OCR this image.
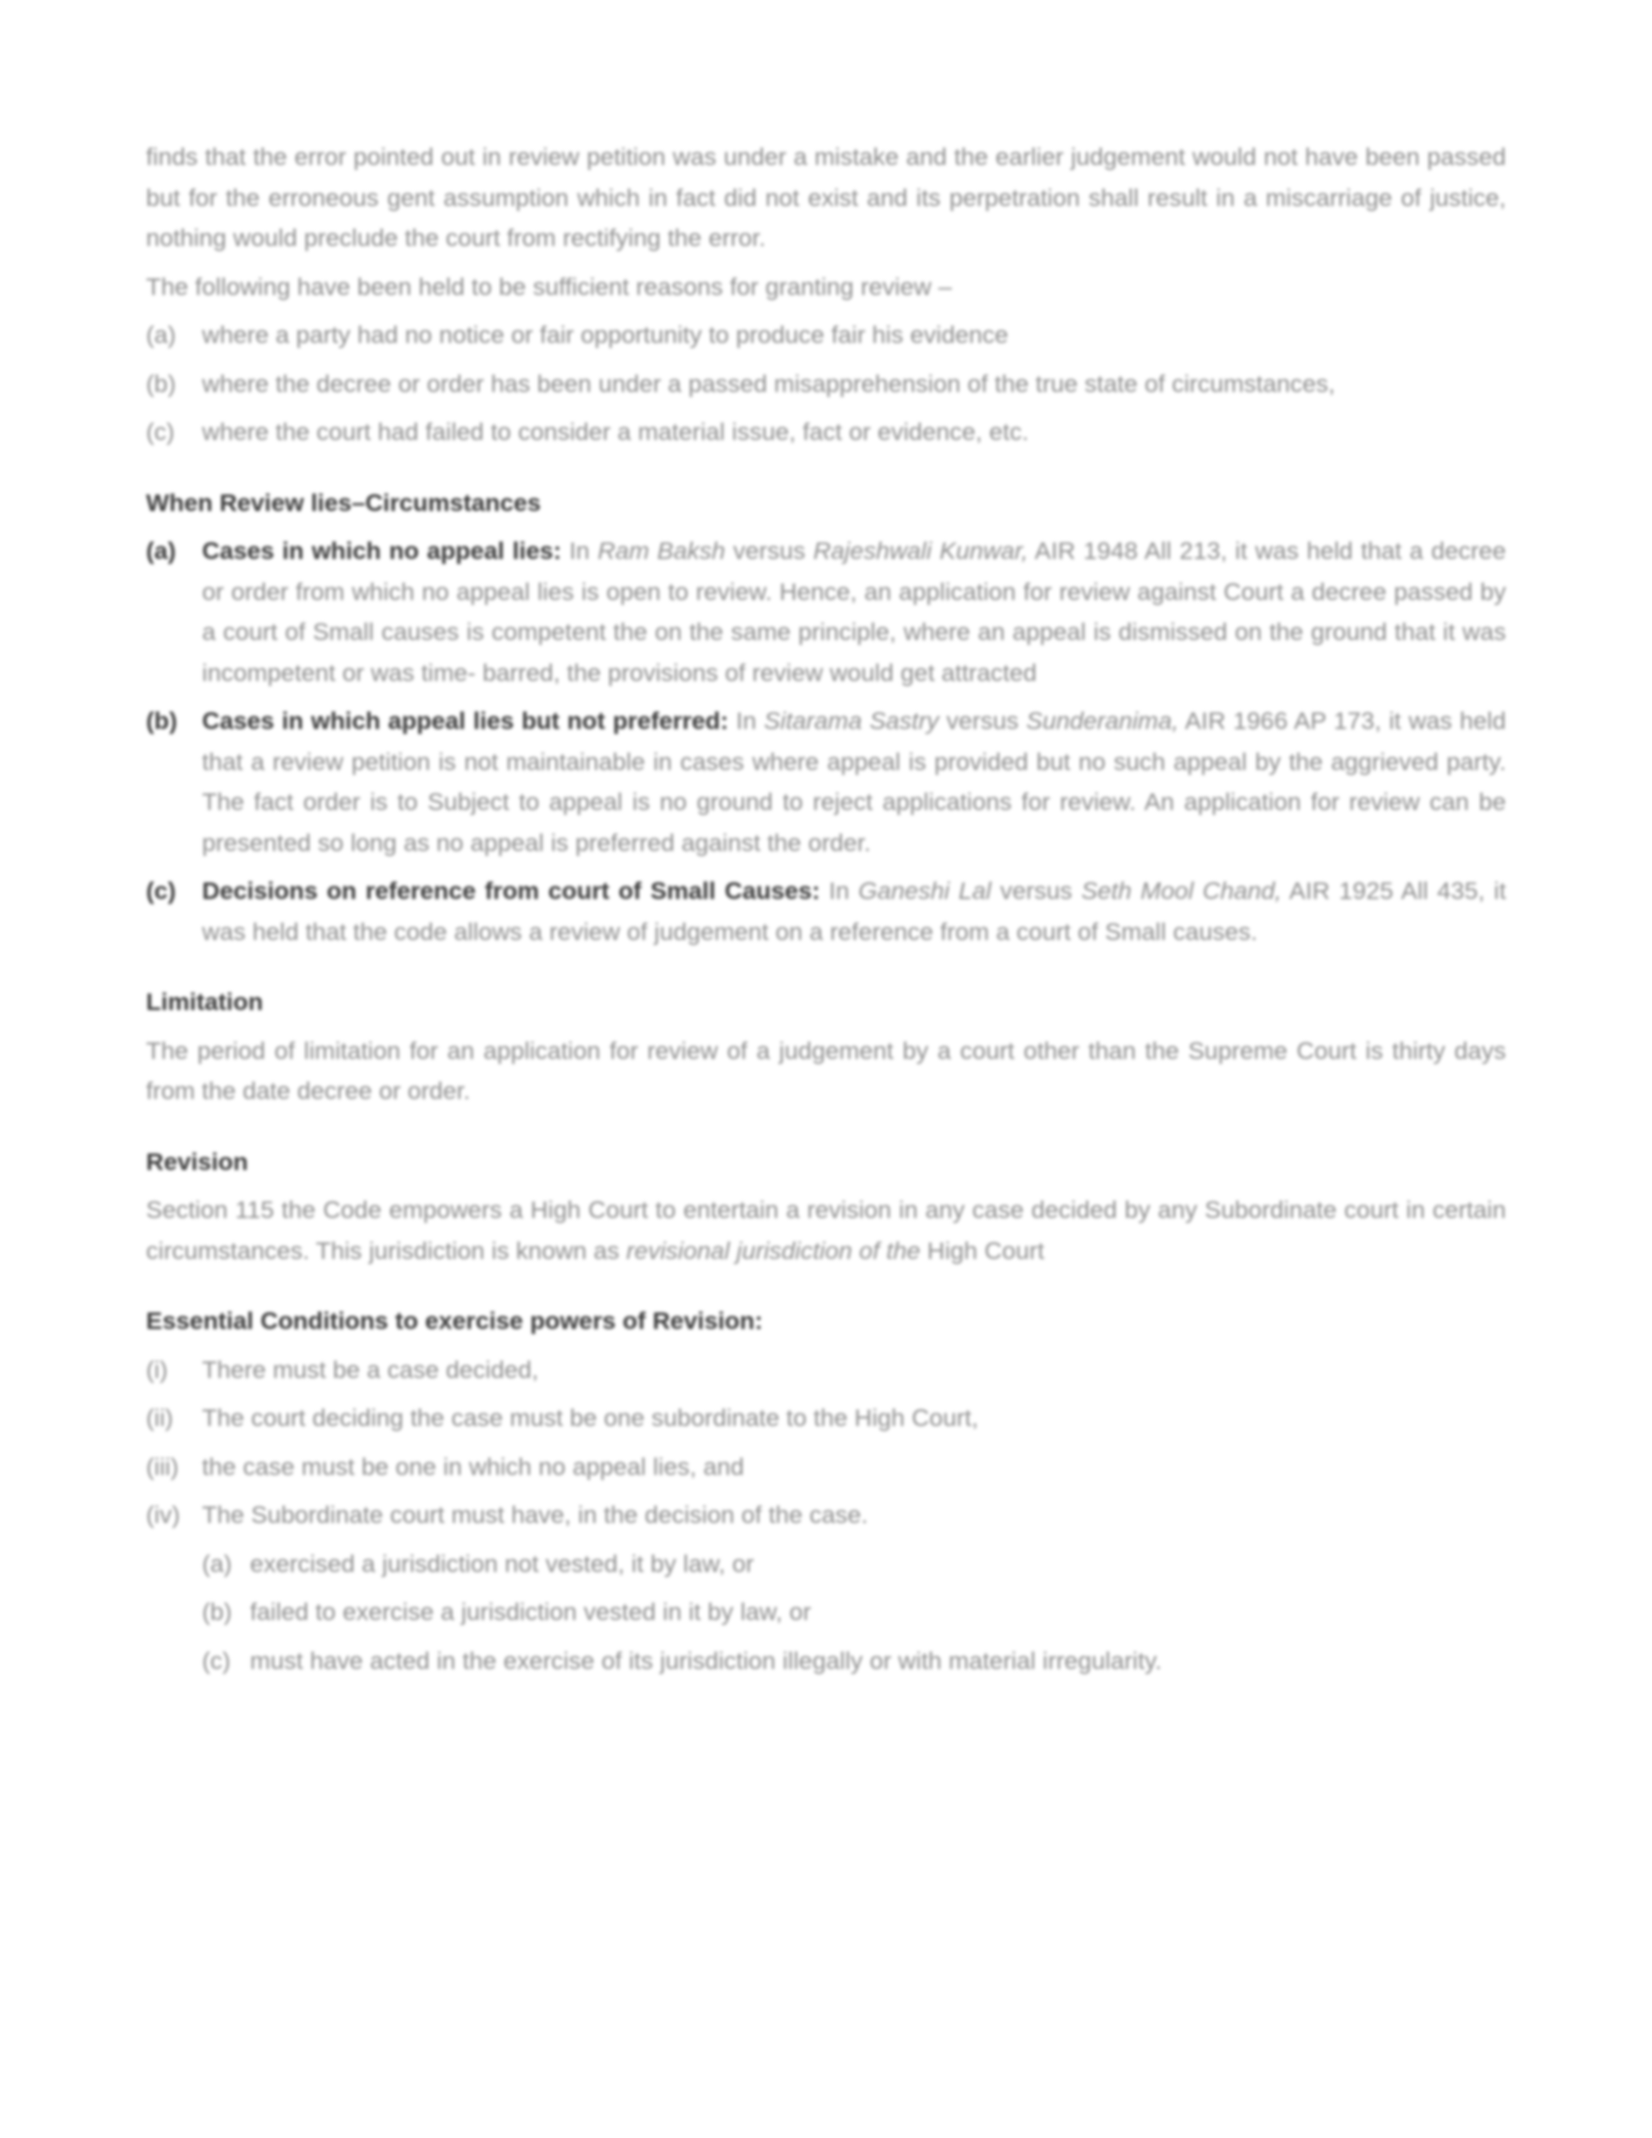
finds that the error pointed out in review petition was under a mistake and the earlier judgement would not have been passed but for the erroneous gent assumption which in fact did not exist and its perpetration shall result in a miscarriage of justice, nothing would preclude the court from rectifying the error.

The following have been held to be sufficient reasons for granting review –

(a) where a party had no notice or fair opportunity to produce fair his evidence
(b) where the decree or order has been under a passed misapprehension of the true state of circumstances,
(c) where the court had failed to consider a material issue, fact or evidence, etc.

When Review lies–Circumstances

(a) Cases in which no appeal lies: In Ram Baksh versus Rajeshwali Kunwar, AIR 1948 All 213, it was held that a decree or order from which no appeal lies is open to review. Hence, an application for review against Court a decree passed by a court of Small causes is competent the on the same principle, where an appeal is dismissed on the ground that it was incompetent or was time- barred, the provisions of review would get attracted
(b) Cases in which appeal lies but not preferred: In Sitarama Sastry versus Sunderanima, AIR 1966 AP 173, it was held that a review petition is not maintainable in cases where appeal is provided but no such appeal by the aggrieved party. The fact order is to Subject to appeal is no ground to reject applications for review. An application for review can be presented so long as no appeal is preferred against the order.
(c) Decisions on reference from court of Small Causes: In Ganeshi Lal versus Seth Mool Chand, AIR 1925 All 435, it was held that the code allows a review of judgement on a reference from a court of Small causes.

Limitation

The period of limitation for an application for review of a judgement by a court other than the Supreme Court is thirty days from the date decree or order.

Revision

Section 115 the Code empowers a High Court to entertain a revision in any case decided by any Subordinate court in certain circumstances. This jurisdiction is known as revisional jurisdiction of the High Court

Essential Conditions to exercise powers of Revision:

(i) There must be a case decided,
(ii) The court deciding the case must be one subordinate to the High Court,
(iii) the case must be one in which no appeal lies, and
(iv) The Subordinate court must have, in the decision of the case.
(a) exercised a jurisdiction not vested, it by law, or
(b) failed to exercise a jurisdiction vested in it by law, or
(c) must have acted in the exercise of its jurisdiction illegally or with material irregularity.
